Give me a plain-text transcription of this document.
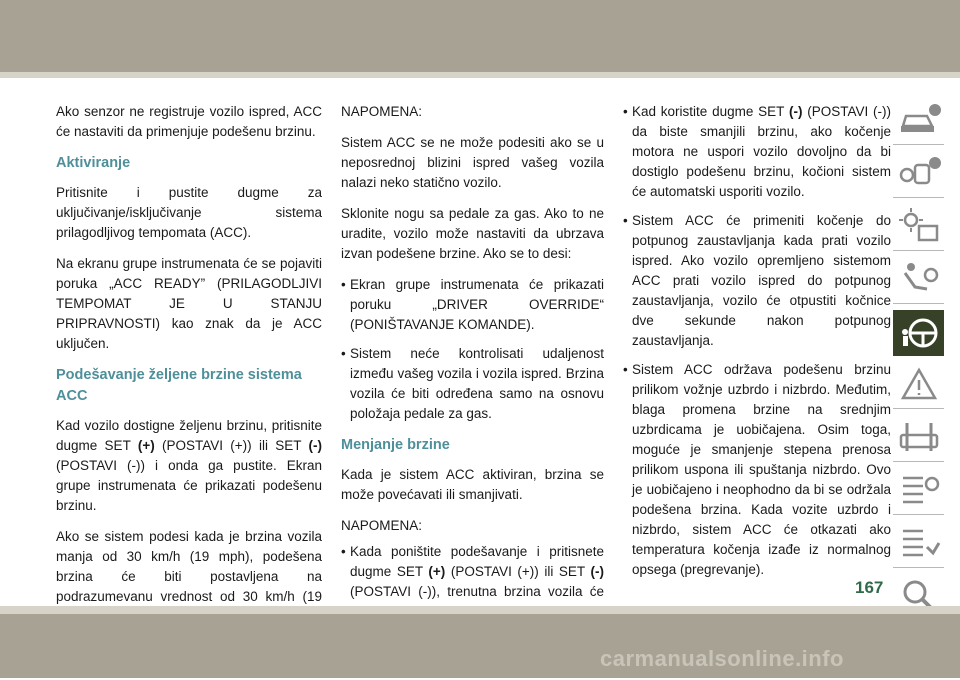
Ako senzor ne registruje vozilo ispred, ACC će nastaviti da primenjuje podešenu brzinu.

Aktiviranje

Pritisnite i pustite dugme za uključivanje/isključivanje sistema prilagodljivog tempomata (ACC).

Na ekranu grupe instrumenata će se pojaviti poruka „ACC READY” (PRILAGODLJIVI TEMPOMAT JE U STANJU PRIPRAVNOSTI) kao znak da je ACC uključen.

Podešavanje željene brzine sistema ACC

Kad vozilo dostigne željenu brzinu, pritisnite dugme SET (+) (POSTAVI (+)) ili SET (-) (POSTAVI (-)) i onda ga pustite. Ekran grupe instrumenata će prikazati podešenu brzinu.

Ako se sistem podesi kada je brzina vozila manja od 30 km/h (19 mph), podešena brzina će biti postavljena na podrazumevanu vrednost od 30 km/h (19

NAPOMENA:

Sistem ACC se ne može podesiti ako se u neposrednoj blizini ispred vašeg vozila nalazi neko statično vozilo.

Sklonite nogu sa pedale za gas. Ako to ne uradite, vozilo može nastaviti da ubrzava izvan podešene brzine. Ako se to desi:

• Ekran grupe instrumenata će prikazati poruku „DRIVER OVERRIDE“ (PONIŠTAVANJE KOMANDE).
• Sistem neće kontrolisati udaljenost između vašeg vozila i vozila ispred. Brzina vozila će biti određena samo na osnovu položaja pedale za gas.
Menjanje brzine

Kada je sistem ACC aktiviran, brzina se može povećavati ili smanjivati.

NAPOMENA:

• Kada poništite podešavanje i pritisnete dugme SET (+) (POSTAVI (+)) ili SET (-) (POSTAVI (-)), trenutna brzina vozila će
• Kad koristite dugme SET (-) (POSTAVI (-)) da biste smanjili brzinu, ako kočenje motora ne uspori vozilo dovoljno da bi dostiglo podešenu brzinu, kočioni sistem će automatski usporiti vozilo.
• Sistem ACC će primeniti kočenje do potpunog zaustavljanja kada prati vozilo ispred. Ako vozilo opremljeno sistemom ACC prati vozilo ispred do potpunog zaustavljanja, vozilo će otpustiti kočnice dve sekunde nakon potpunog zaustavljanja.
• Sistem ACC održava podešenu brzinu prilikom vožnje uzbrdo i nizbrdo. Međutim, blaga promena brzine na srednjim uzbrdicama je uobičajena. Osim toga, moguće je smanjenje stepena prenosa prilikom uspona ili spuštanja nizbrdo. Ovo je uobičajeno i neophodno da bi se održala podešena brzina. Kada vozite uzbrdo i nizbrdo, sistem ACC će otkazati ako temperatura kočenja izađe iz normalnog opsega (pregrevanje).
167
carmanualsonline.info
